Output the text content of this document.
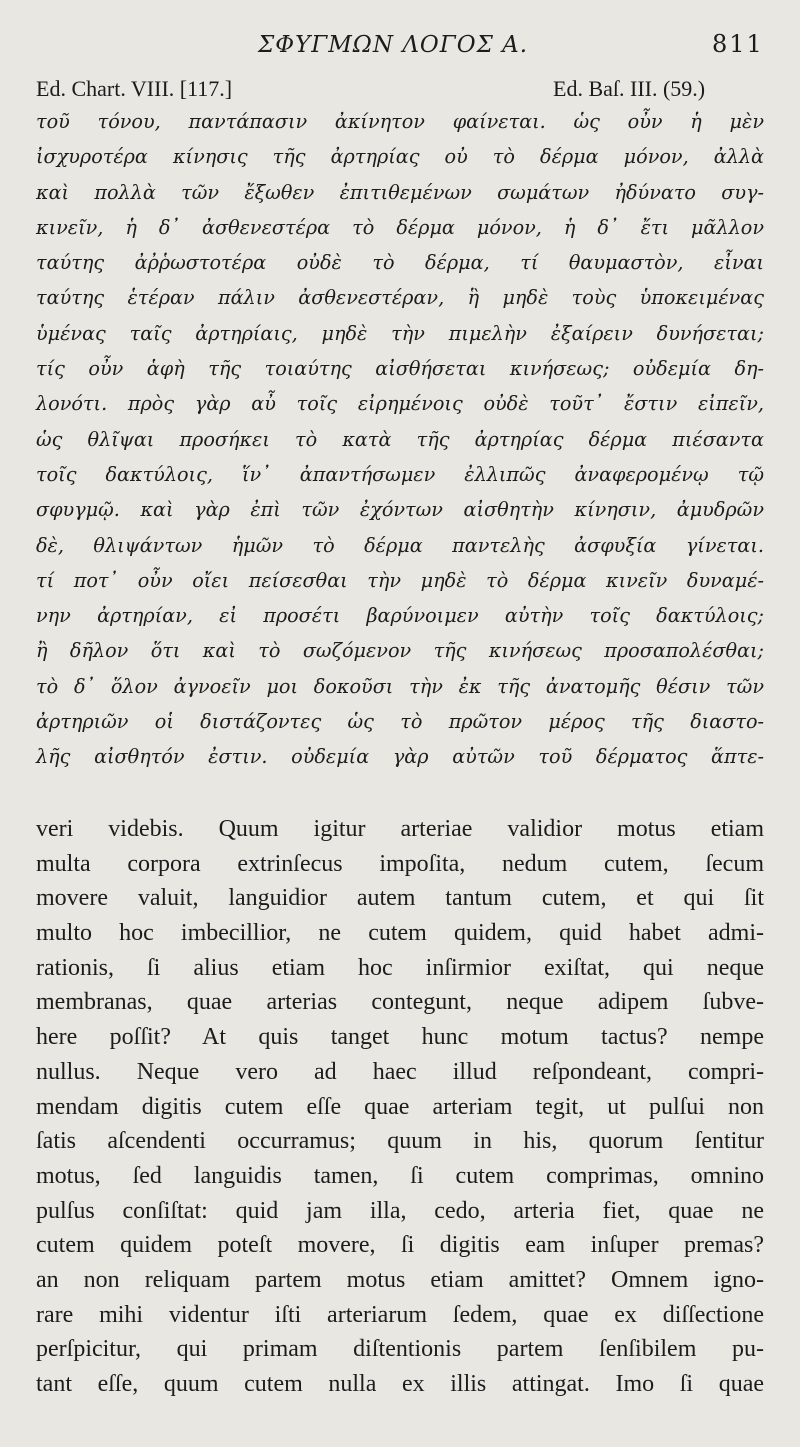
ΣΦΥΓΜΩΝ ΛΟΓΟΣ Α.	811
Ed. Chart. VIII. [117.]	Ed. Baſ. III. (59.)
τοῦ τόνου, παντάπασιν ἀκίνητον φαίνεται. ὡς οὖν ἡ μὲν
ἰσχυροτέρα κίνησις τῆς ἀρτηρίας οὐ τὸ δέρμα μόνον, ἀλλὰ
καὶ πολλὰ τῶν ἔξωθεν ἐπιτιθεμένων σωμάτων ἠδύνατο συγ-
κινεῖν, ἡ δ᾽ ἀσθενεστέρα τὸ δέρμα μόνον, ἡ δ᾽ ἔτι μᾶλλον
ταύτης ἀῤῥωστοτέρα οὐδὲ τὸ δέρμα, τί θαυμαστὸν, εἶναι
ταύτης ἑτέραν πάλιν ἀσθενεστέραν, ἣ μηδὲ τοὺς ὑποκειμένας
ὑμένας ταῖς ἀρτηρίαις, μηδὲ τὴν πιμελὴν ἐξαίρειν δυνήσεται;
τίς οὖν ἁφὴ τῆς τοιαύτης αἰσθήσεται κινήσεως; οὐδεμία δη-
λονότι. πρὸς γὰρ αὖ τοῖς εἰρημένοις οὐδὲ τοῦτ᾽ ἔστιν εἰπεῖν,
ὡς θλῖψαι προσήκει τὸ κατὰ τῆς ἀρτηρίας δέρμα πιέσαντα
τοῖς δακτύλοις, ἵν᾽ ἀπαντήσωμεν ἐλλιπῶς ἀναφερομένῳ τῷ
σφυγμῷ. καὶ γὰρ ἐπὶ τῶν ἐχόντων αἰσθητὴν κίνησιν, ἀμυδρῶν
δὲ, θλιψάντων ἡμῶν τὸ δέρμα παντελὴς ἀσφυξία γίνεται.
τί ποτ᾽ οὖν οἴει πείσεσθαι τὴν μηδὲ τὸ δέρμα κινεῖν δυναμέ-
νην ἀρτηρίαν, εἰ προσέτι βαρύνοιμεν αὐτὴν τοῖς δακτύλοις;
ἢ δῆλον ὅτι καὶ τὸ σωζόμενον τῆς κινήσεως προσαπολέσθαι;
τὸ δ᾽ ὅλον ἀγνοεῖν μοι δοκοῦσι τὴν ἐκ τῆς ἀνατομῆς θέσιν τῶν
ἀρτηριῶν οἱ διστάζοντες ὡς τὸ πρῶτον μέρος τῆς διαστο-
λῆς αἰσθητόν ἐστιν. οὐδεμία γὰρ αὐτῶν τοῦ δέρματος ἅπτε-
veri videbis. Quum igitur arteriae validior motus etiam
multa corpora extrinſecus impoſita, nedum cutem, ſecum
movere valuit, languidior autem tantum cutem, et qui ſit
multo hoc imbecillior, ne cutem quidem, quid habet admi-
rationis, ſi alius etiam hoc inſirmior exiſtat, qui neque
membranas, quae arterias contegunt, neque adipem ſubve-
here poſſit? At quis tanget hunc motum tactus? nempe
nullus. Neque vero ad haec illud reſpondeant, compri-
mendam digitis cutem eſſe quae arteriam tegit, ut pulſui non
ſatis aſcendenti occurramus; quum in his, quorum ſentitur
motus, ſed languidis tamen, ſi cutem comprimas, omnino
pulſus conſiſtat: quid jam illa, cedo, arteria fiet, quae ne
cutem quidem poteſt movere, ſi digitis eam inſuper premas?
an non reliquam partem motus etiam amittet? Omnem igno-
rare mihi videntur iſti arteriarum ſedem, quae ex diſſectione
perſpicitur, qui primam diſtentionis partem ſenſibilem pu-
tant eſſe, quum cutem nulla ex illis attingat. Imo ſi quae
